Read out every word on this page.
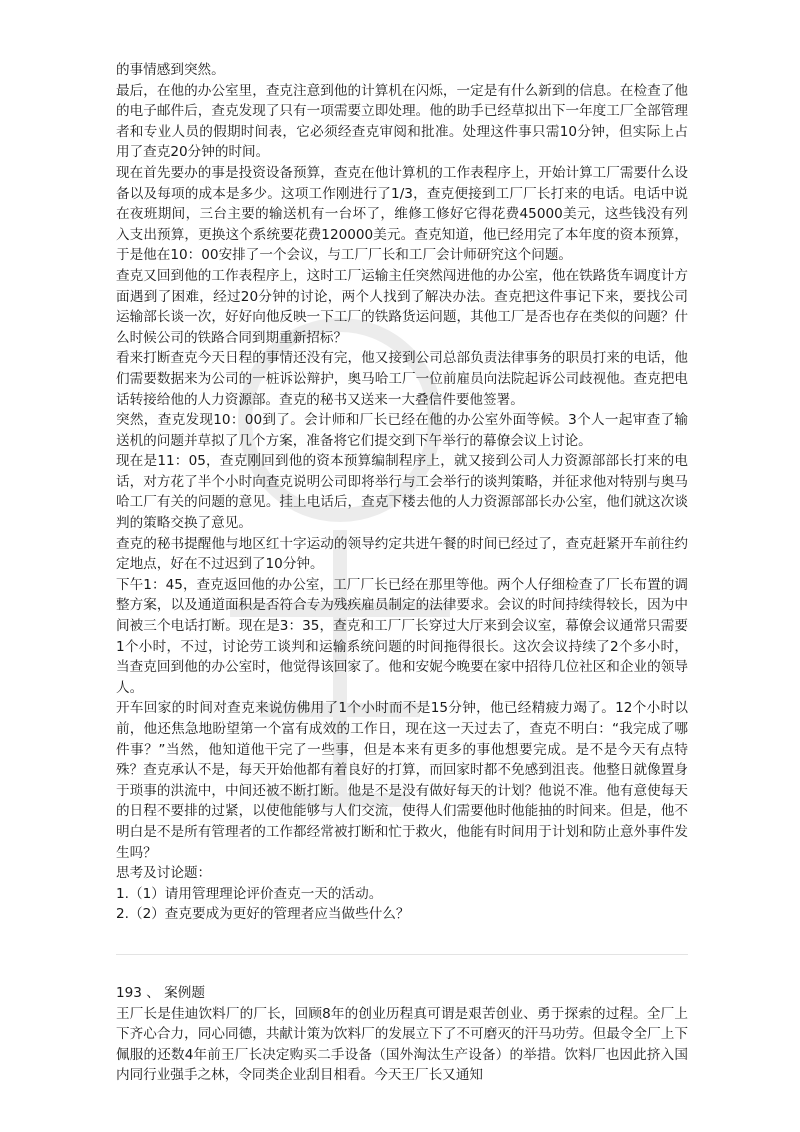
的事情感到突然。

最后，在他的办公室里，查克注意到他的计算机在闪烁，一定是有什么新到的信息。在检查了他的电子邮件后，查克发现了只有一项需要立即处理。他的助手已经草拟出下一年度工厂全部管理者和专业人员的假期时间表，它必须经查克审阅和批准。处理这件事只需10分钟，但实际上占用了查克20分钟的时间。

现在首先要办的事是投资设备预算，查克在他计算机的工作表程序上，开始计算工厂需要什么设备以及每项的成本是多少。这项工作刚进行了1/3，查克便接到工厂厂长打来的电话。电话中说在夜班期间，三台主要的输送机有一台坏了，维修工修好它得花费45000美元，这些钱没有列入支出预算，更换这个系统要花费120000美元。查克知道，他已经用完了本年度的资本预算，于是他在10：00安排了一个会议，与工厂厂长和工厂会计师研究这个问题。

查克又回到他的工作表程序上，这时工厂运输主任突然闯进他的办公室，他在铁路货车调度计方面遇到了困难，经过20分钟的讨论，两个人找到了解决办法。查克把这件事记下来，要找公司运输部长谈一次，好好向他反映一下工厂的铁路货运问题，其他工厂是否也存在类似的问题？什么时候公司的铁路合同到期重新招标？

看来打断查克今天日程的事情还没有完，他又接到公司总部负责法律事务的职员打来的电话，他们需要数据来为公司的一桩诉讼辩护，奥马哈工厂一位前雇员向法院起诉公司歧视他。查克把电话转接给他的人力资源部。查克的秘书又送来一大叠信件要他签署。

突然，查克发现10：00到了。会计师和厂长已经在他的办公室外面等候。3个人一起审查了输送机的问题并草拟了几个方案，准备将它们提交到下午举行的幕僚会议上讨论。

现在是11：05，查克刚回到他的资本预算编制程序上，就又接到公司人力资源部部长打来的电话，对方花了半个小时向查克说明公司即将举行与工会举行的谈判策略，并征求他对特别与奥马哈工厂有关的问题的意见。挂上电话后，查克下楼去他的人力资源部部长办公室，他们就这次谈判的策略交换了意见。

查克的秘书提醒他与地区红十字运动的领导约定共进午餐的时间已经过了，查克赶紧开车前往约定地点，好在不过迟到了10分钟。

下午1：45，查克返回他的办公室，工厂厂长已经在那里等他。两个人仔细检查了厂长布置的调整方案，以及通道面积是否符合专为残疾雇员制定的法律要求。会议的时间持续得较长，因为中间被三个电话打断。现在是3：35，查克和工厂厂长穿过大厅来到会议室，幕僚会议通常只需要1个小时，不过，讨论劳工谈判和运输系统问题的时间拖得很长。这次会议持续了2个多小时，当查克回到他的办公室时，他觉得该回家了。他和安妮今晚要在家中招待几位社区和企业的领导人。

开车回家的时间对查克来说仿佛用了1个小时而不是15分钟，他已经精疲力竭了。12个小时以前，他还焦急地盼望第一个富有成效的工作日，现在这一天过去了，查克不明白：“我完成了哪件事？”当然，他知道他干完了一些事，但是本来有更多的事他想要完成。是不是今天有点特殊？查克承认不是，每天开始他都有着良好的打算，而回家时都不免感到沮丧。他整日就像置身于琐事的洪流中，中间还被不断打断。他是不是没有做好每天的计划？他说不准。他有意使每天的日程不要排的过紧，以使他能够与人们交流，使得人们需要他时他能抽的时间来。但是，他不明白是不是所有管理者的工作都经常被打断和忙于救火，他能有时间用于计划和防止意外事件发生吗？

思考及讨论题：

1.（1）请用管理理论评价查克一天的活动。

2.（2）查克要成为更好的管理者应当做些什么？

193 、 案例题

王厂长是佳迪饮料厂的厂长，回顾8年的创业历程真可谓是艰苦创业、勇于探索的过程。全厂上下齐心合力，同心同德，共献计策为饮料厂的发展立下了不可磨灭的汗马功劳。但最令全厂上下佩服的还数4年前王厂长决定购买二手设备（国外淘汰生产设备）的举措。饮料厂也因此挤入国内同行业强手之林，令同类企业刮目相看。今天王厂长又通知
